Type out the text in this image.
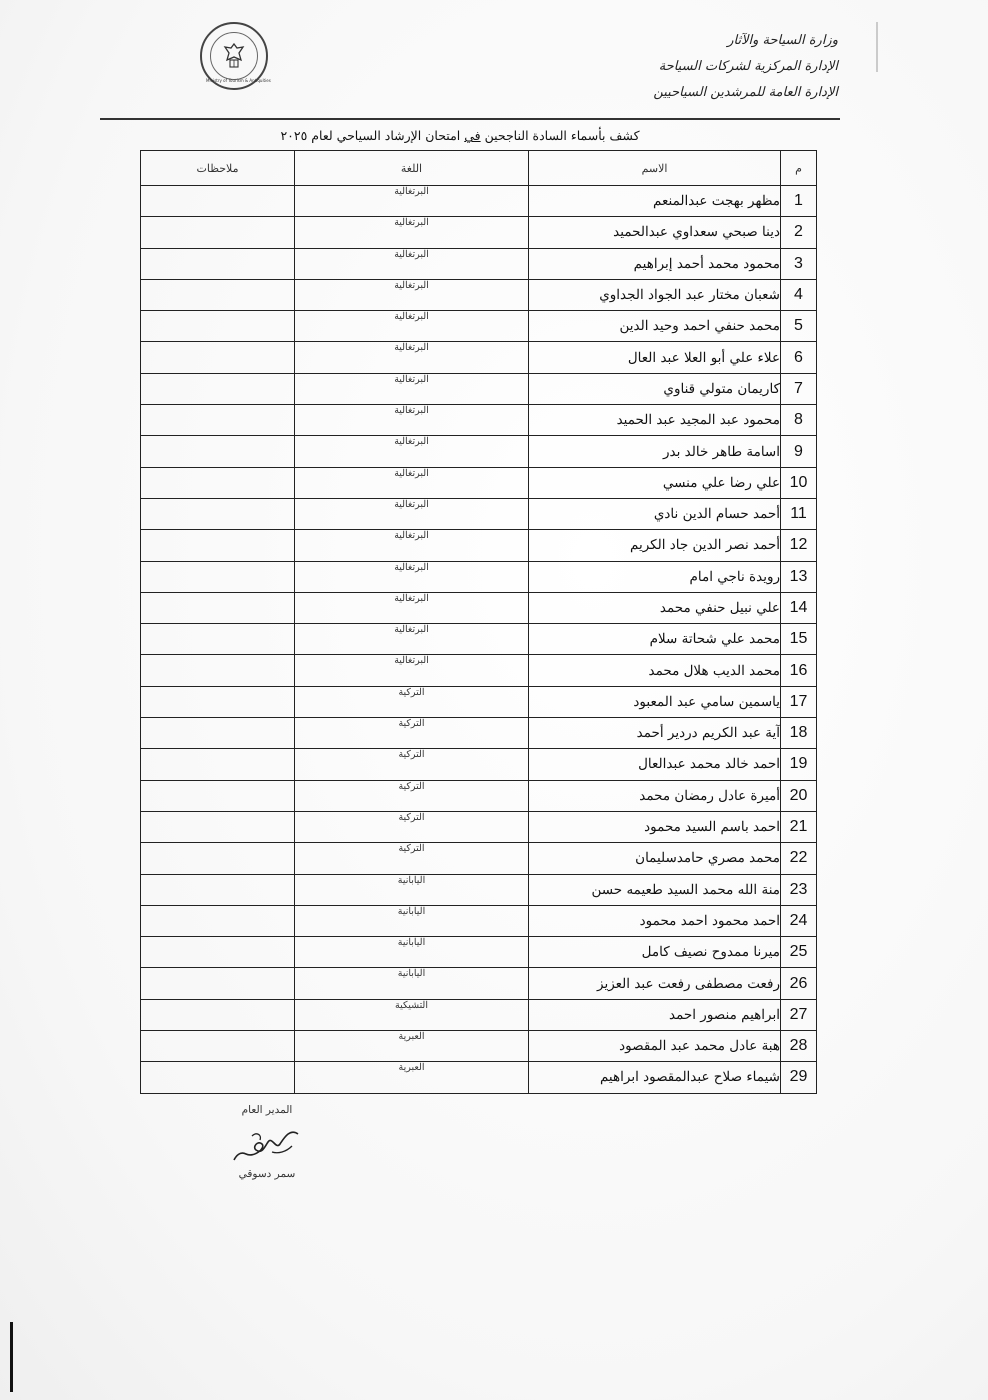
وزارة السياحة والآثار
الإدارة المركزية لشركات السياحة
الإدارة العامة للمرشدين السياحيين
Ministry of Tourism & Antiquities
كشف بأسماء السادة الناجحين في امتحان الإرشاد السياحي لعام ٢٠٢٥
م	الاسم	اللغة	ملاحظات
1	مظهر بهجت عبدالمنعم	البرتغالية	
2	دينا صبحي سعداوي عبدالحميد	البرتغالية	
3	محمود محمد أحمد إبراهيم	البرتغالية	
4	شعبان مختار عبد الجواد الجداوي	البرتغالية	
5	محمد حنفي احمد وحيد الدين	البرتغالية	
6	علاء علي أبو العلا عبد العال	البرتغالية	
7	كاريمان متولي قناوي	البرتغالية	
8	محمود عبد المجيد عبد الحميد	البرتغالية	
9	اسامة طاهر خالد بدر	البرتغالية	
10	علي رضا علي منسي	البرتغالية	
11	أحمد حسام الدين نادي	البرتغالية	
12	أحمد نصر الدين جاد الكريم	البرتغالية	
13	رويدة ناجي امام	البرتغالية	
14	علي نبيل حنفي محمد	البرتغالية	
15	محمد علي شحاتة سلام	البرتغالية	
16	محمد الديب هلال محمد	البرتغالية	
17	ياسمين سامي عبد المعبود	التركية	
18	آية عبد الكريم دردير أحمد	التركية	
19	احمد خالد محمد عبدالعال	التركية	
20	أميرة عادل رمضان محمد	التركية	
21	احمد باسم السيد محمود	التركية	
22	محمد مصري حامدسليمان	التركية	
23	منة الله محمد السيد طعيمه حسن	اليابانية	
24	احمد محمود احمد محمود	اليابانية	
25	ميرنا ممدوح نصيف كامل	اليابانية	
26	رفعت مصطفى رفعت عبد العزيز	اليابانية	
27	ابراهيم منصور احمد	التشيكية	
28	هبة عادل محمد عبد المقصود	العبرية	
29	شيماء صلاح عبدالمقصود ابراهيم	العبرية	
المدير العام
سمر دسوقي
